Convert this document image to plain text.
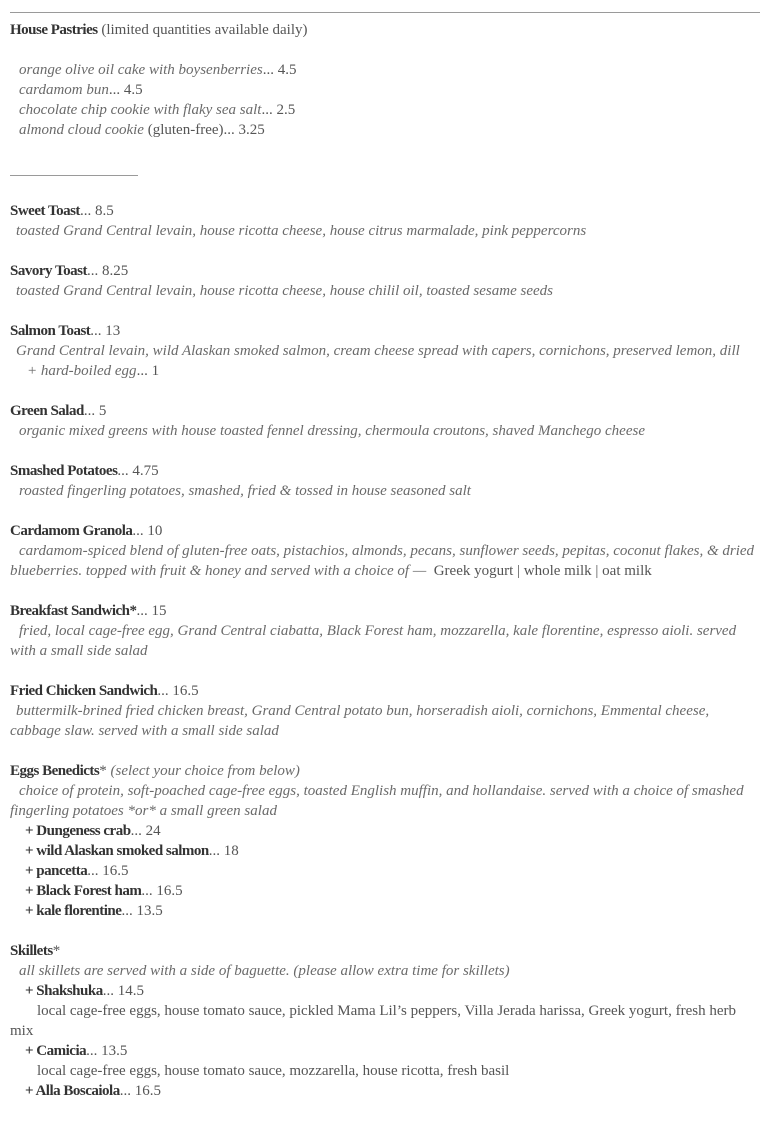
House Pastries (limited quantities available daily)
orange olive oil cake with boysenberries... 4.5
cardamom bun... 4.5
chocolate chip cookie with flaky sea salt... 2.5
almond cloud cookie (gluten-free)... 3.25
Sweet Toast... 8.5
toasted Grand Central levain, house ricotta cheese, house citrus marmalade, pink peppercorns
Savory Toast... 8.25
toasted Grand Central levain, house ricotta cheese, house chilil oil, toasted sesame seeds
Salmon Toast... 13
Grand Central levain, wild Alaskan smoked salmon, cream cheese spread with capers, cornichons, preserved lemon, dill
+ hard-boiled egg... 1
Green Salad... 5
organic mixed greens with house toasted fennel dressing, chermoula croutons, shaved Manchego cheese
Smashed Potatoes... 4.75
roasted fingerling potatoes, smashed, fried & tossed in house seasoned salt
Cardamom Granola... 10
cardamom-spiced blend of gluten-free oats, pistachios, almonds, pecans, sunflower seeds, pepitas, coconut flakes, & dried blueberries. topped with fruit & honey and served with a choice of — Greek yogurt | whole milk | oat milk
Breakfast Sandwich*... 15
fried, local cage-free egg, Grand Central ciabatta, Black Forest ham, mozzarella, kale florentine, espresso aioli. served with a small side salad
Fried Chicken Sandwich... 16.5
buttermilk-brined fried chicken breast, Grand Central potato bun, horseradish aioli, cornichons, Emmental cheese, cabbage slaw. served with a small side salad
Eggs Benedicts* (select your choice from below)
choice of protein, soft-poached cage-free eggs, toasted English muffin, and hollandaise. served with a choice of smashed fingerling potatoes *or* a small green salad
+ Dungeness crab... 24
+ wild Alaskan smoked salmon... 18
+ pancetta... 16.5
+ Black Forest ham... 16.5
+ kale florentine... 13.5
Skillets*
all skillets are served with a side of baguette. (please allow extra time for skillets)
+ Shakshuka... 14.5
local cage-free eggs, house tomato sauce, pickled Mama Lil’s peppers, Villa Jerada harissa, Greek yogurt, fresh herb mix
+ Camicia... 13.5
local cage-free eggs, house tomato sauce, mozzarella, house ricotta, fresh basil
+ Alla Boscaiola... 16.5
